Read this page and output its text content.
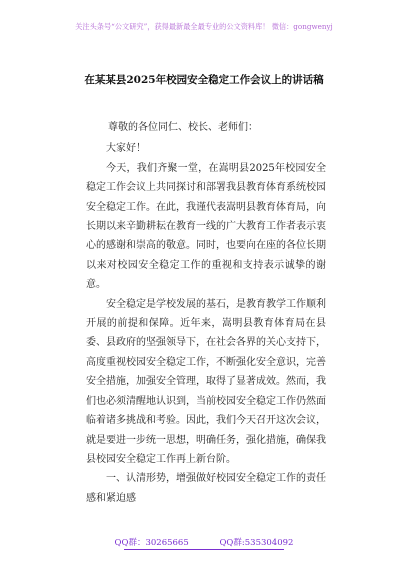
关注头条号“公文研究”，获得最新最全最专业的公文资料库！ 微信：gongwenyj
在某某县2025年校园安全稳定工作会议上的讲话稿

尊敬的各位同仁、校长、老师们：

大家好！

今天，我们齐聚一堂，在嵩明县2025年校园安全稳定工作会议上共同探讨和部署我县教育体育系统校园安全稳定工作。在此，我谨代表嵩明县教育体育局，向长期以来辛勤耕耘在教育一线的广大教育工作者表示衷心的感谢和崇高的敬意。同时，也要向在座的各位长期以来对校园安全稳定工作的重视和支持表示诚挚的谢意。

安全稳定是学校发展的基石，是教育教学工作顺利开展的前提和保障。近年来，嵩明县教育体育局在县委、县政府的坚强领导下，在社会各界的关心支持下，高度重视校园安全稳定工作，不断强化安全意识，完善安全措施，加强安全管理，取得了显著成效。然而，我们也必须清醒地认识到，当前校园安全稳定工作仍然面临着诸多挑战和考验。因此，我们今天召开这次会议，就是要进一步统一思想，明确任务，强化措施，确保我县校园安全稳定工作再上新台阶。

一、认清形势，增强做好校园安全稳定工作的责任感和紧迫感

QQ群：30265665	QQ群:535304092
